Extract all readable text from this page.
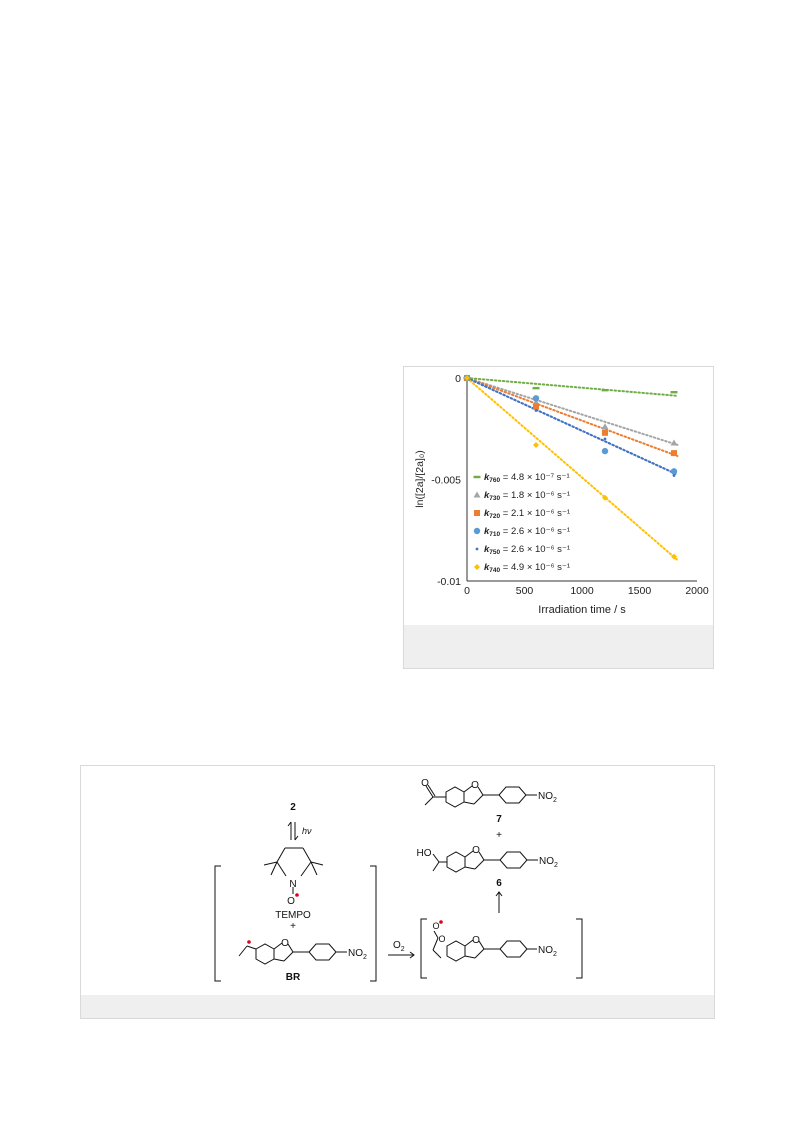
0	500	1000	1500	2000
0
-0.005
-0.01
Irradiation time / s
ln([2a]/[2a]₀)	$k_{760} = 4.8 \times 10^{-7}$ s⁻¹
$k_{730} = 1.8 \times 10^{-6}$ s⁻¹
$k_{720} = 2.1 \times 10^{-6}$ s⁻¹
$k_{710} = 2.6 \times 10^{-6}$ s⁻¹
$k_{750} = 2.6 \times 10^{-6}$ s⁻¹
$k_{740} = 4.9 \times 10^{-6}$ s⁻¹
2
hν
N
O
TEMPO
+
O
$NO_2$
BR
$O_2$
O
O	O
$NO_2$
O	O
$NO_2$
7
+
HO	O
$NO_2$
6
